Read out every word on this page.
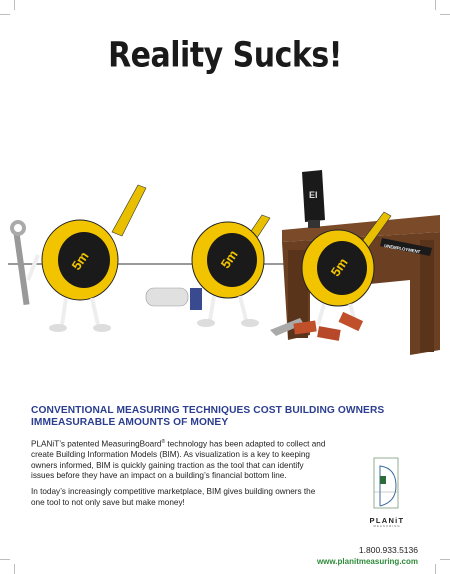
Reality Sucks!
EI
UNEMPLOYMENT
5m	5m	5m
CONVENTIONAL MEASURING TECHNIQUES COST BUILDING OWNERS IMMEASURABLE AMOUNTS OF MONEY
PLANiT’s patented MeasuringBoard® technology has been adapted to collect and create Building Information Models (BIM). As visualization is a key to keeping owners informed, BIM is quickly gaining traction as the tool that can identify issues before they have an impact on a building’s financial bottom line.
In today’s increasingly competitive marketplace, BIM gives building owners the one tool to not only save but make money!
PLANiT
MEASURING
1.800.933.5136
www.planitmeasuring.com
